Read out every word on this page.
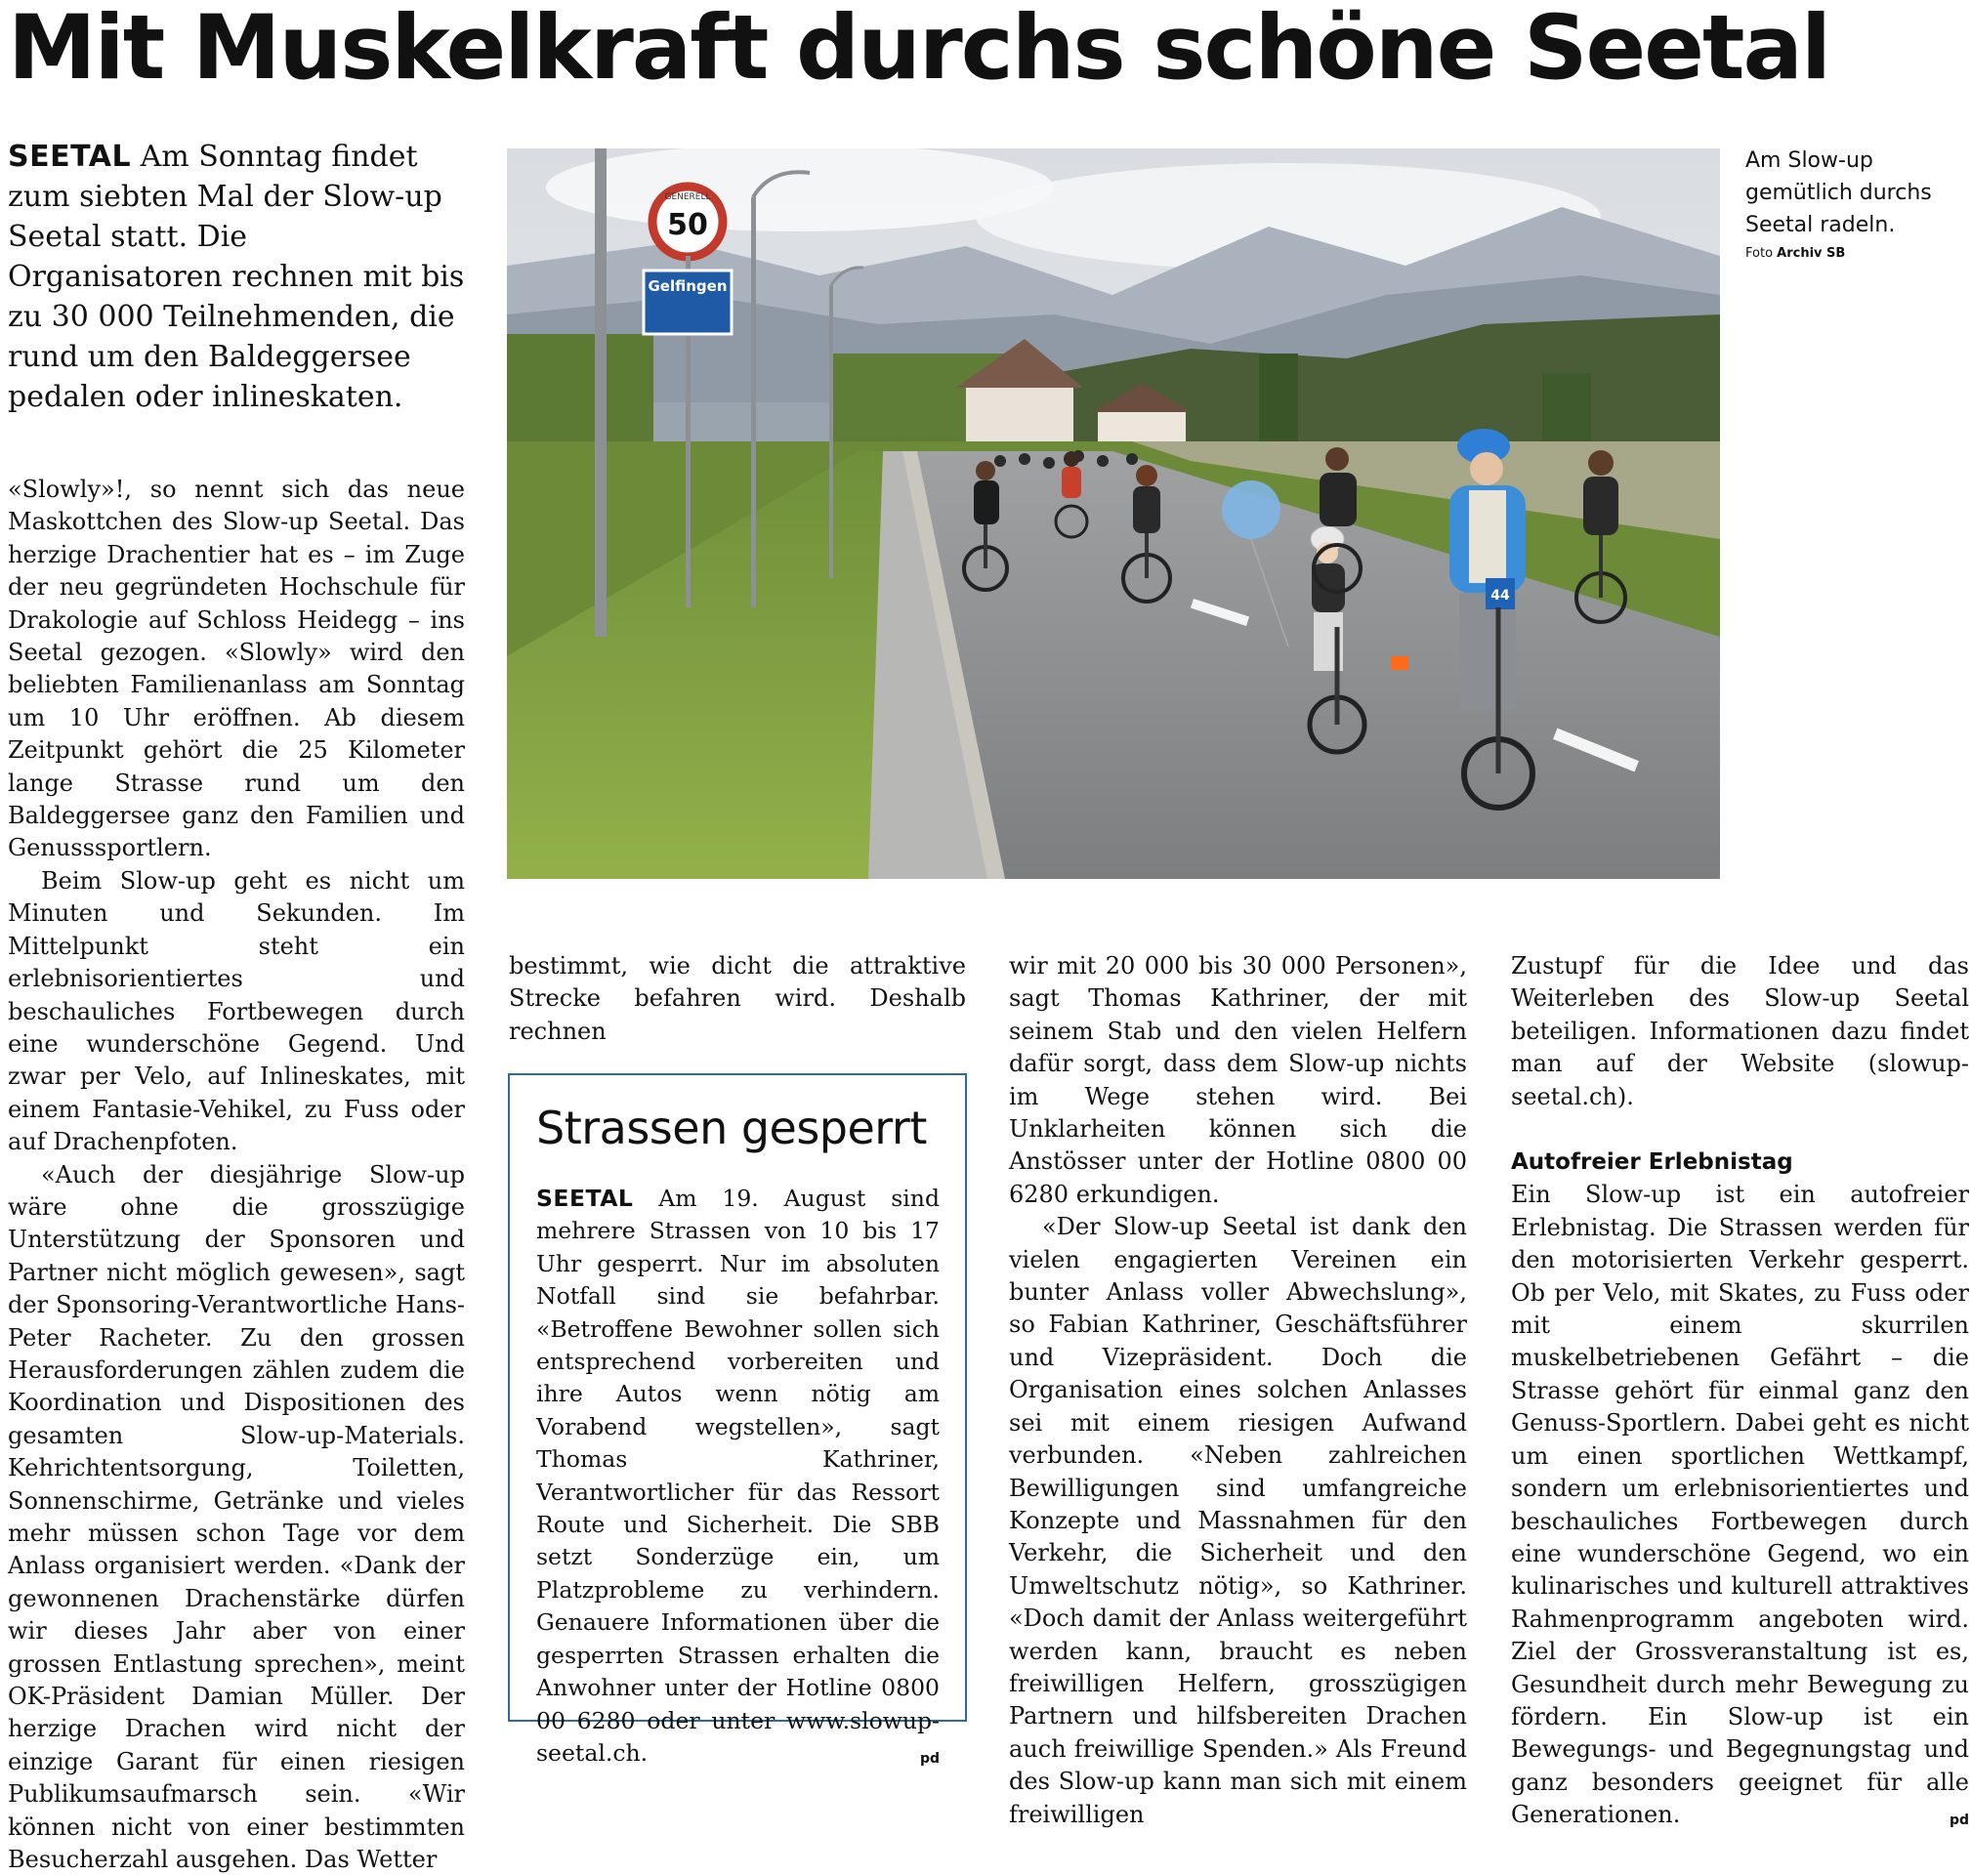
Mit Muskelkraft durchs schöne Seetal

SEETAL Am Sonntag findet zum siebten Mal der Slow-up Seetal statt. Die Organisatoren rechnen mit bis zu 30 000 Teilnehmenden, die rund um den Baldeggersee pedalen oder inlineskaten.

«Slowly»!, so nennt sich das neue Maskottchen des Slow-up Seetal. Das herzige Drachentier hat es – im Zuge der neu gegründeten Hochschule für Drakologie auf Schloss Heidegg – ins Seetal gezogen. «Slowly» wird den beliebten Familienanlass am Sonntag um 10 Uhr eröffnen. Ab diesem Zeitpunkt gehört die 25 Kilometer lange Strasse rund um den Baldeggersee ganz den Familien und Genusssportlern.

Beim Slow-up geht es nicht um Minuten und Sekunden. Im Mittelpunkt steht ein erlebnisorientiertes und beschauliches Fortbewegen durch eine wunderschöne Gegend. Und zwar per Velo, auf Inlineskates, mit einem Fantasie-Vehikel, zu Fuss oder auf Drachenpfoten.

«Auch der diesjährige Slow-up wäre ohne die grosszügige Unterstützung der Sponsoren und Partner nicht möglich gewesen», sagt der Sponsoring-Verantwortliche Hans-Peter Racheter. Zu den grossen Herausforderungen zählen zudem die Koordination und Dispositionen des gesamten Slow-up-Materials. Kehrichtentsorgung, Toiletten, Sonnenschirme, Getränke und vieles mehr müssen schon Tage vor dem Anlass organisiert werden. «Dank der gewonnenen Drachenstärke dürfen wir dieses Jahr aber von einer grossen Entlastung sprechen», meint OK-Präsident Damian Müller. Der herzige Drachen wird nicht der einzige Garant für einen riesigen Publikumsaufmarsch sein. «Wir können nicht von einer bestimmten Besucherzahl ausgehen. Das Wetter

50
GENERELL
Gelfingen
44
Am Slow-up gemütlich durchs Seetal radeln.
Foto Archiv SB

bestimmt, wie dicht die attraktive Strecke befahren wird. Deshalb rechnen

Strassen gesperrt
SEETAL Am 19. August sind mehrere Strassen von 10 bis 17 Uhr gesperrt. Nur im absoluten Notfall sind sie befahrbar. «Betroffene Bewohner sollen sich entsprechend vorbereiten und ihre Autos wenn nötig am Vorabend wegstellen», sagt Thomas Kathriner, Verantwortlicher für das Ressort Route und Sicherheit. Die SBB setzt Sonderzüge ein, um Platzprobleme zu verhindern. Genauere Informationen über die gesperrten Strassen erhalten die Anwohner unter der Hotline 0800 00 6280 oder unter www.slowup-seetal.ch.	pd

wir mit 20 000 bis 30 000 Personen», sagt Thomas Kathriner, der mit seinem Stab und den vielen Helfern dafür sorgt, dass dem Slow-up nichts im Wege stehen wird. Bei Unklarheiten können sich die Anstösser unter der Hotline 0800 00 6280 erkundigen.

«Der Slow-up Seetal ist dank den vielen engagierten Vereinen ein bunter Anlass voller Abwechslung», so Fabian Kathriner, Geschäftsführer und Vizepräsident. Doch die Organisation eines solchen Anlasses sei mit einem riesigen Aufwand verbunden. «Neben zahlreichen Bewilligungen sind umfangreiche Konzepte und Massnahmen für den Verkehr, die Sicherheit und den Umweltschutz nötig», so Kathriner. «Doch damit der Anlass weitergeführt werden kann, braucht es neben freiwilligen Helfern, grosszügigen Partnern und hilfsbereiten Drachen auch freiwillige Spenden.» Als Freund des Slow-up kann man sich mit einem freiwilligen

Zustupf für die Idee und das Weiterleben des Slow-up Seetal beteiligen. Informationen dazu findet man auf der Website (slowup-seetal.ch).

Autofreier Erlebnistag

Ein Slow-up ist ein autofreier Erlebnistag. Die Strassen werden für den motorisierten Verkehr gesperrt. Ob per Velo, mit Skates, zu Fuss oder mit einem skurrilen muskelbetriebenen Gefährt – die Strasse gehört für einmal ganz den Genuss-Sportlern. Dabei geht es nicht um einen sportlichen Wettkampf, sondern um erlebnisorientiertes und beschauliches Fortbewegen durch eine wunderschöne Gegend, wo ein kulinarisches und kulturell attraktives Rahmenprogramm angeboten wird. Ziel der Grossveranstaltung ist es, Gesundheit durch mehr Bewegung zu fördern. Ein Slow-up ist ein Bewegungs- und Begegnungstag und ganz besonders geeignet für alle Generationen.	pd
